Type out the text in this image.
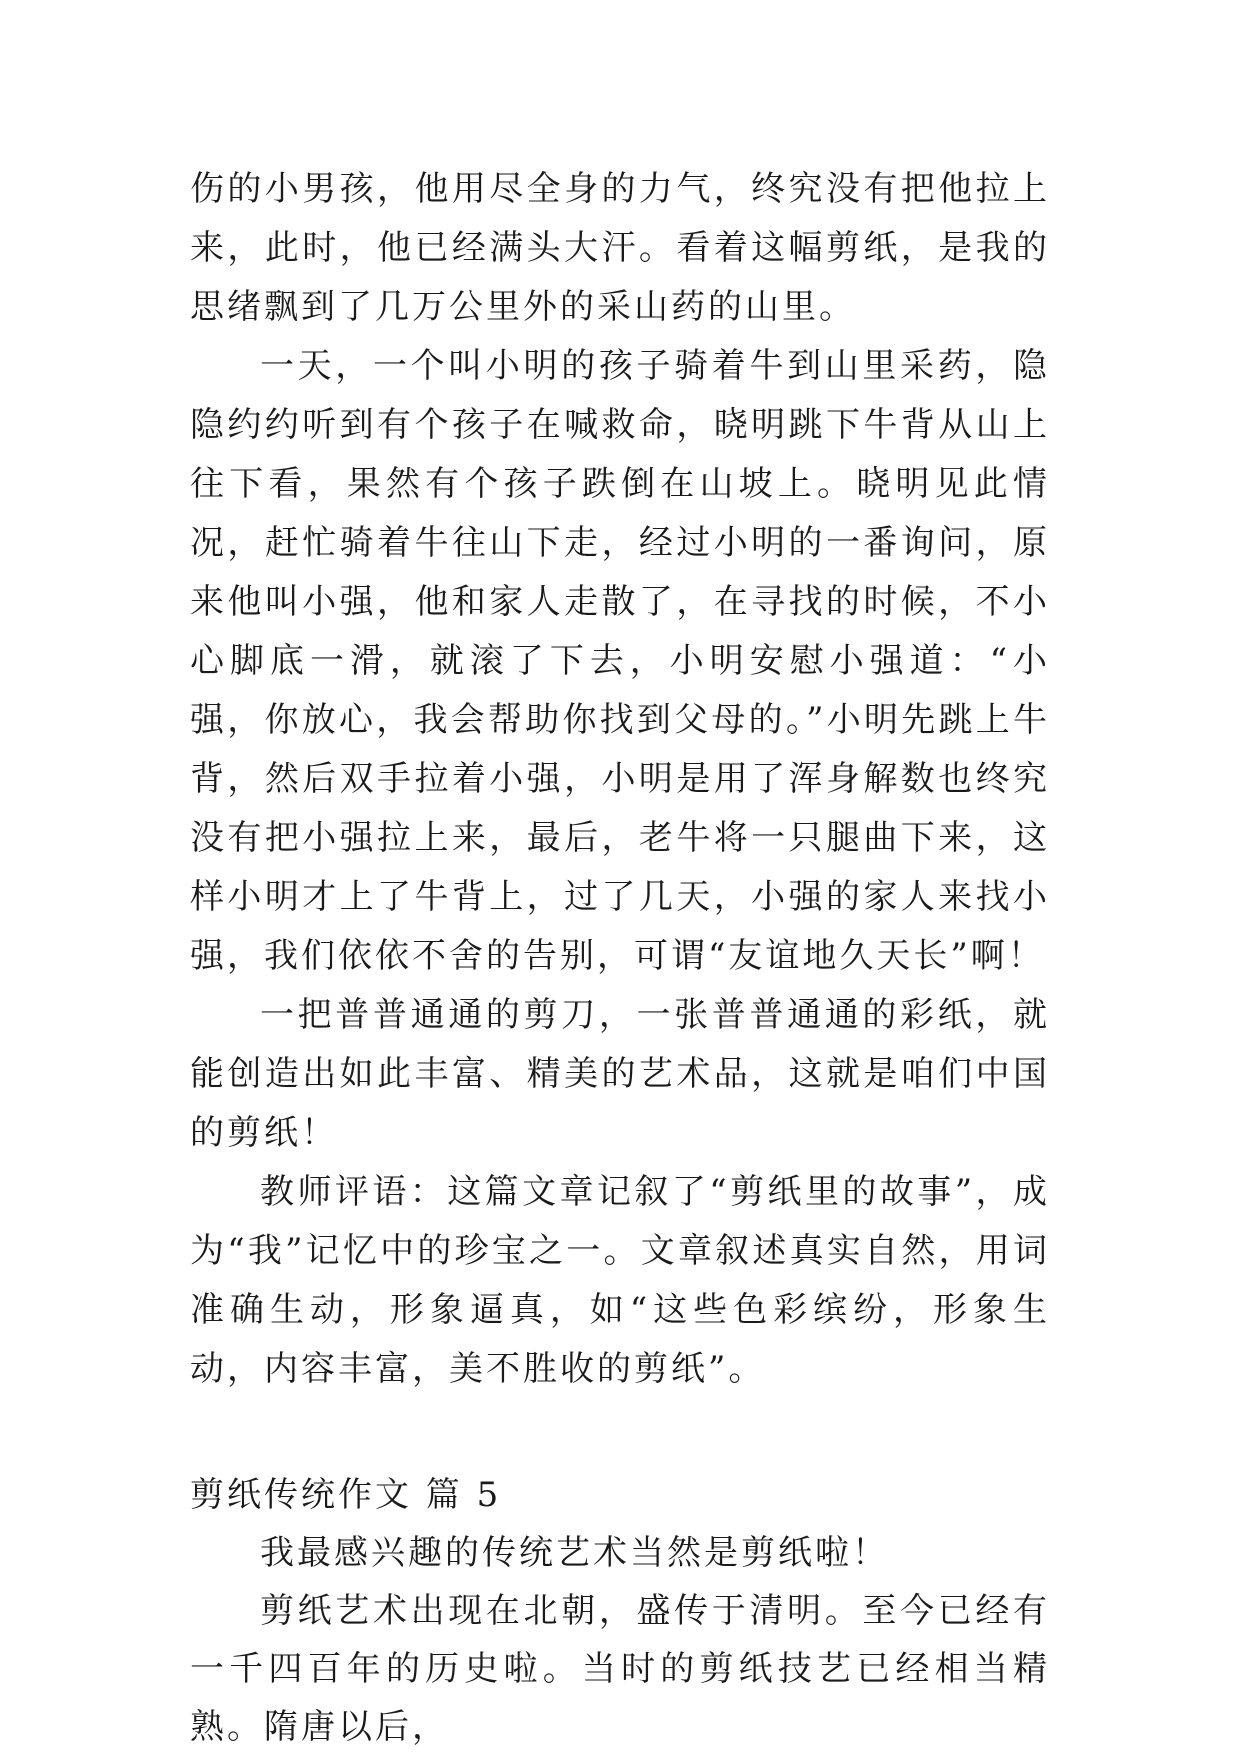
伤的小男孩，他用尽全身的力气，终究没有把他拉上来，此时，他已经满头大汗。看着这幅剪纸，是我的思绪飘到了几万公里外的采山药的山里。

一天，一个叫小明的孩子骑着牛到山里采药，隐隐约约听到有个孩子在喊救命，晓明跳下牛背从山上往下看，果然有个孩子跌倒在山坡上。晓明见此情况，赶忙骑着牛往山下走，经过小明的一番询问，原来他叫小强，他和家人走散了，在寻找的时候，不小心脚底一滑，就滚了下去，小明安慰小强道：“小强，你放心，我会帮助你找到父母的。”小明先跳上牛背，然后双手拉着小强，小明是用了浑身解数也终究没有把小强拉上来，最后，老牛将一只腿曲下来，这样小明才上了牛背上，过了几天，小强的家人来找小强，我们依依不舍的告别，可谓“友谊地久天长”啊！

一把普普通通的剪刀，一张普普通通的彩纸，就能创造出如此丰富、精美的艺术品，这就是咱们中国的剪纸！

教师评语：这篇文章记叙了“剪纸里的故事”，成为“我”记忆中的珍宝之一。文章叙述真实自然，用词准确生动，形象逼真，如“这些色彩缤纷，形象生动，内容丰富，美不胜收的剪纸”。

剪纸传统作文 篇 5

我最感兴趣的传统艺术当然是剪纸啦！

剪纸艺术出现在北朝，盛传于清明。至今已经有一千四百年的历史啦。当时的剪纸技艺已经相当精熟。隋唐以后，
